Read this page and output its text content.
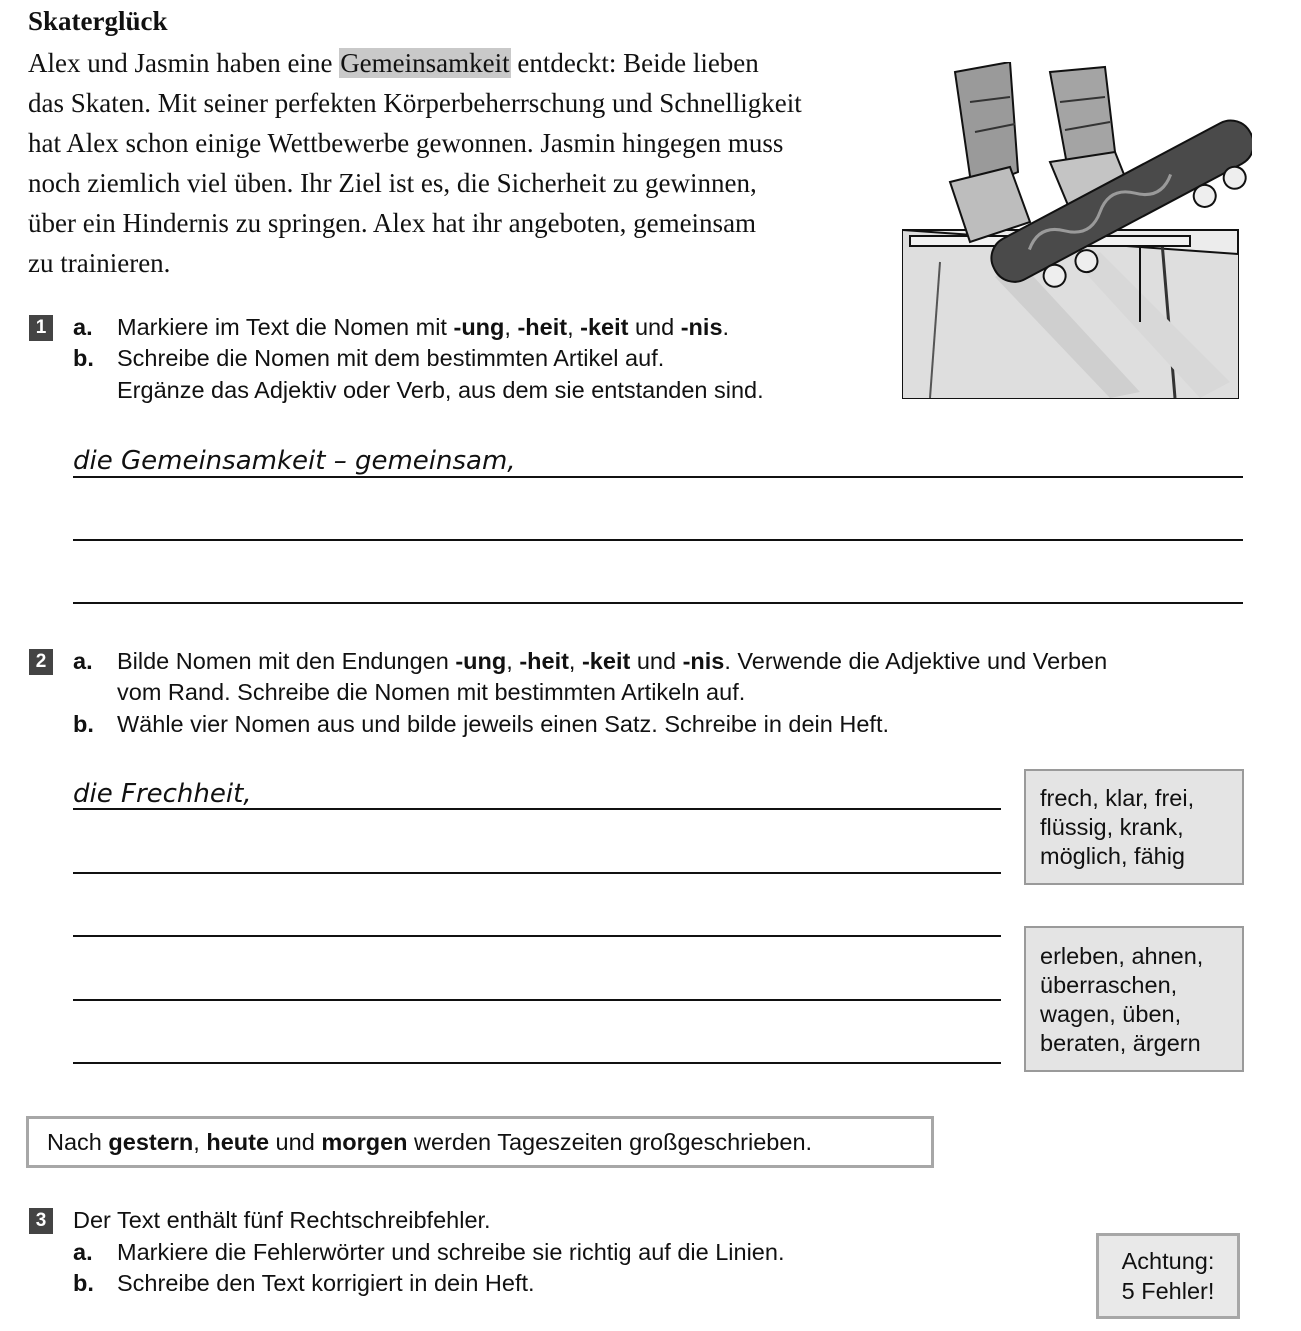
Skaterglück
Alex und Jasmin haben eine Gemeinsamkeit entdeckt: Beide lieben
das Skaten. Mit seiner perfekten Körperbeherrschung und Schnelligkeit
hat Alex schon einige Wettbewerbe gewonnen. Jasmin hingegen muss
noch ziemlich viel üben. Ihr Ziel ist es, die Sicherheit zu gewinnen,
über ein Hindernis zu springen. Alex hat ihr angeboten, gemeinsam
zu trainieren.
1 a. Markiere im Text die Nomen mit -ung, -heit, -keit und -nis.
b. Schreibe die Nomen mit dem bestimmten Artikel auf.
Ergänze das Adjektiv oder Verb, aus dem sie entstanden sind.
die Gemeinsamkeit – gemeinsam,
2 a. Bilde Nomen mit den Endungen -ung, -heit, -keit und -nis. Verwende die Adjektive und Verben
vom Rand. Schreibe die Nomen mit bestimmten Artikeln auf.
b. Wähle vier Nomen aus und bilde jeweils einen Satz. Schreibe in dein Heft.
die Frechheit,	frech, klar, frei,
flüssig, krank,
möglich, fähig
erleben, ahnen,
überraschen,
wagen, üben,
beraten, ärgern
Nach gestern, heute und morgen werden Tageszeiten großgeschrieben.
3 Der Text enthält fünf Rechtschreibfehler.
a. Markiere die Fehlerwörter und schreibe sie richtig auf die Linien.
b. Schreibe den Text korrigiert in dein Heft.
Achtung:
5 Fehler!
